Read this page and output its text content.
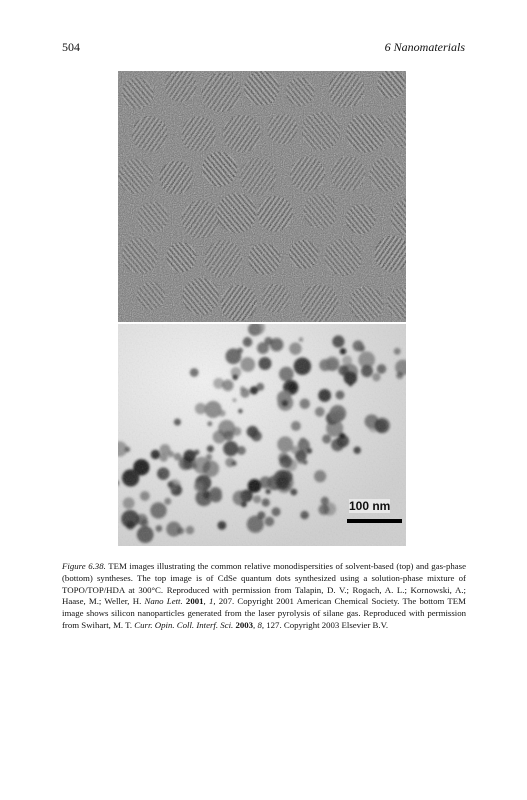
504	6 Nanomaterials
100 nm
Figure 6.38. TEM images illustrating the common relative monodispersities of solvent-based (top) and gas-phase (bottom) syntheses. The top image is of CdSe quantum dots synthesized using a solution-phase mixture of TOPO/TOP/HDA at 300°C. Reproduced with permission from Talapin, D. V.; Rogach, A. L.; Kornowski, A.; Haase, M.; Weller, H. Nano Lett. 2001, 1, 207. Copyright 2001 American Chemical Society. The bottom TEM image shows silicon nanoparticles generated from the laser pyrolysis of silane gas. Reproduced with permission from Swihart, M. T. Curr. Opin. Coll. Interf. Sci. 2003, 8, 127. Copyright 2003 Elsevier B.V.
